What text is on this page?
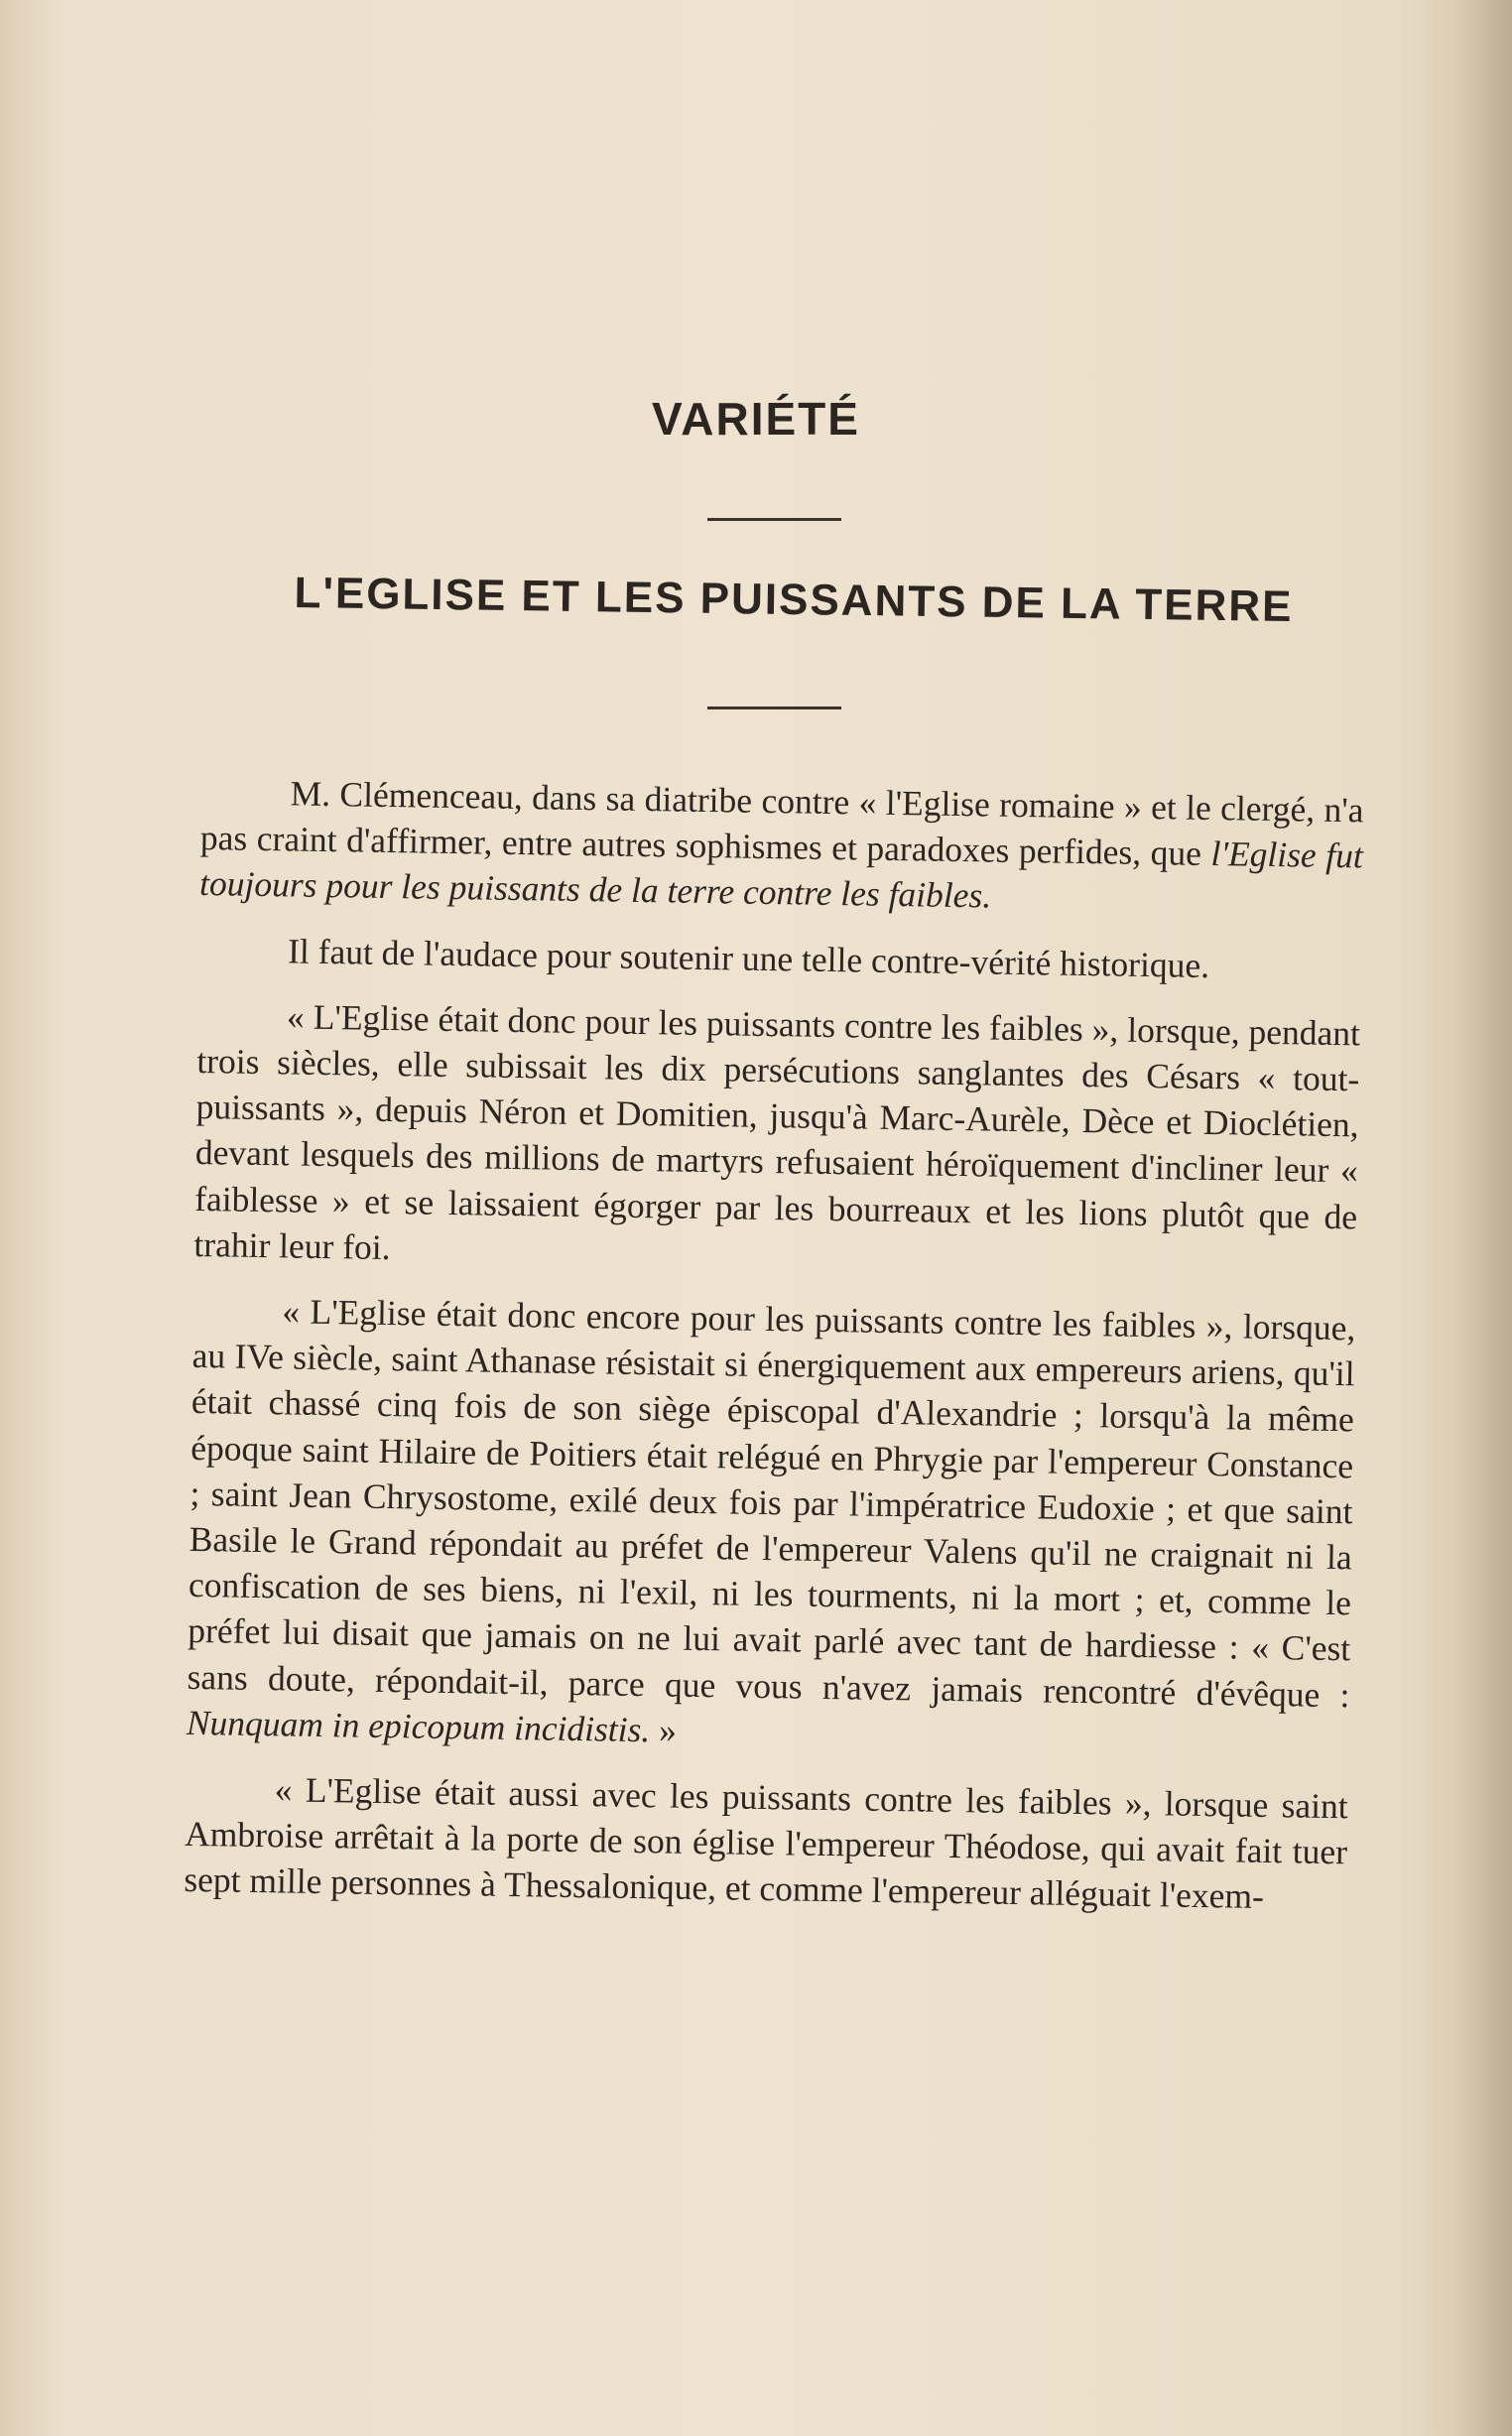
VARIÉTÉ
L'EGLISE ET LES PUISSANTS DE LA TERRE

M. Clémenceau, dans sa diatribe contre « l'Eglise romaine » et le clergé, n'a pas craint d'affirmer, entre autres sophismes et paradoxes perfides, que l'Eglise fut toujours pour les puissants de la terre contre les faibles.

Il faut de l'audace pour soutenir une telle contre-vérité historique.

« L'Eglise était donc pour les puissants contre les faibles », lorsque, pendant trois siècles, elle subissait les dix persécutions sanglantes des Césars « tout-puissants », depuis Néron et Domitien, jusqu'à Marc-Aurèle, Dèce et Dioclétien, devant lesquels des millions de martyrs refusaient héroïquement d'incliner leur « faiblesse » et se laissaient égorger par les bourreaux et les lions plutôt que de trahir leur foi.

« L'Eglise était donc encore pour les puissants contre les faibles », lorsque, au IVe siècle, saint Athanase résistait si énergiquement aux empereurs ariens, qu'il était chassé cinq fois de son siège épiscopal d'Alexandrie ; lorsqu'à la même époque saint Hilaire de Poitiers était relégué en Phrygie par l'empereur Constance ; saint Jean Chrysostome, exilé deux fois par l'impératrice Eudoxie ; et que saint Basile le Grand répondait au préfet de l'empereur Valens qu'il ne craignait ni la confiscation de ses biens, ni l'exil, ni les tourments, ni la mort ; et, comme le préfet lui disait que jamais on ne lui avait parlé avec tant de hardiesse : « C'est sans doute, répondait-il, parce que vous n'avez jamais rencontré d'évêque : Nunquam in epicopum incidistis. »

« L'Eglise était aussi avec les puissants contre les faibles », lorsque saint Ambroise arrêtait à la porte de son église l'empereur Théodose, qui avait fait tuer sept mille personnes à Thessalonique, et comme l'empereur alléguait l'exem-
